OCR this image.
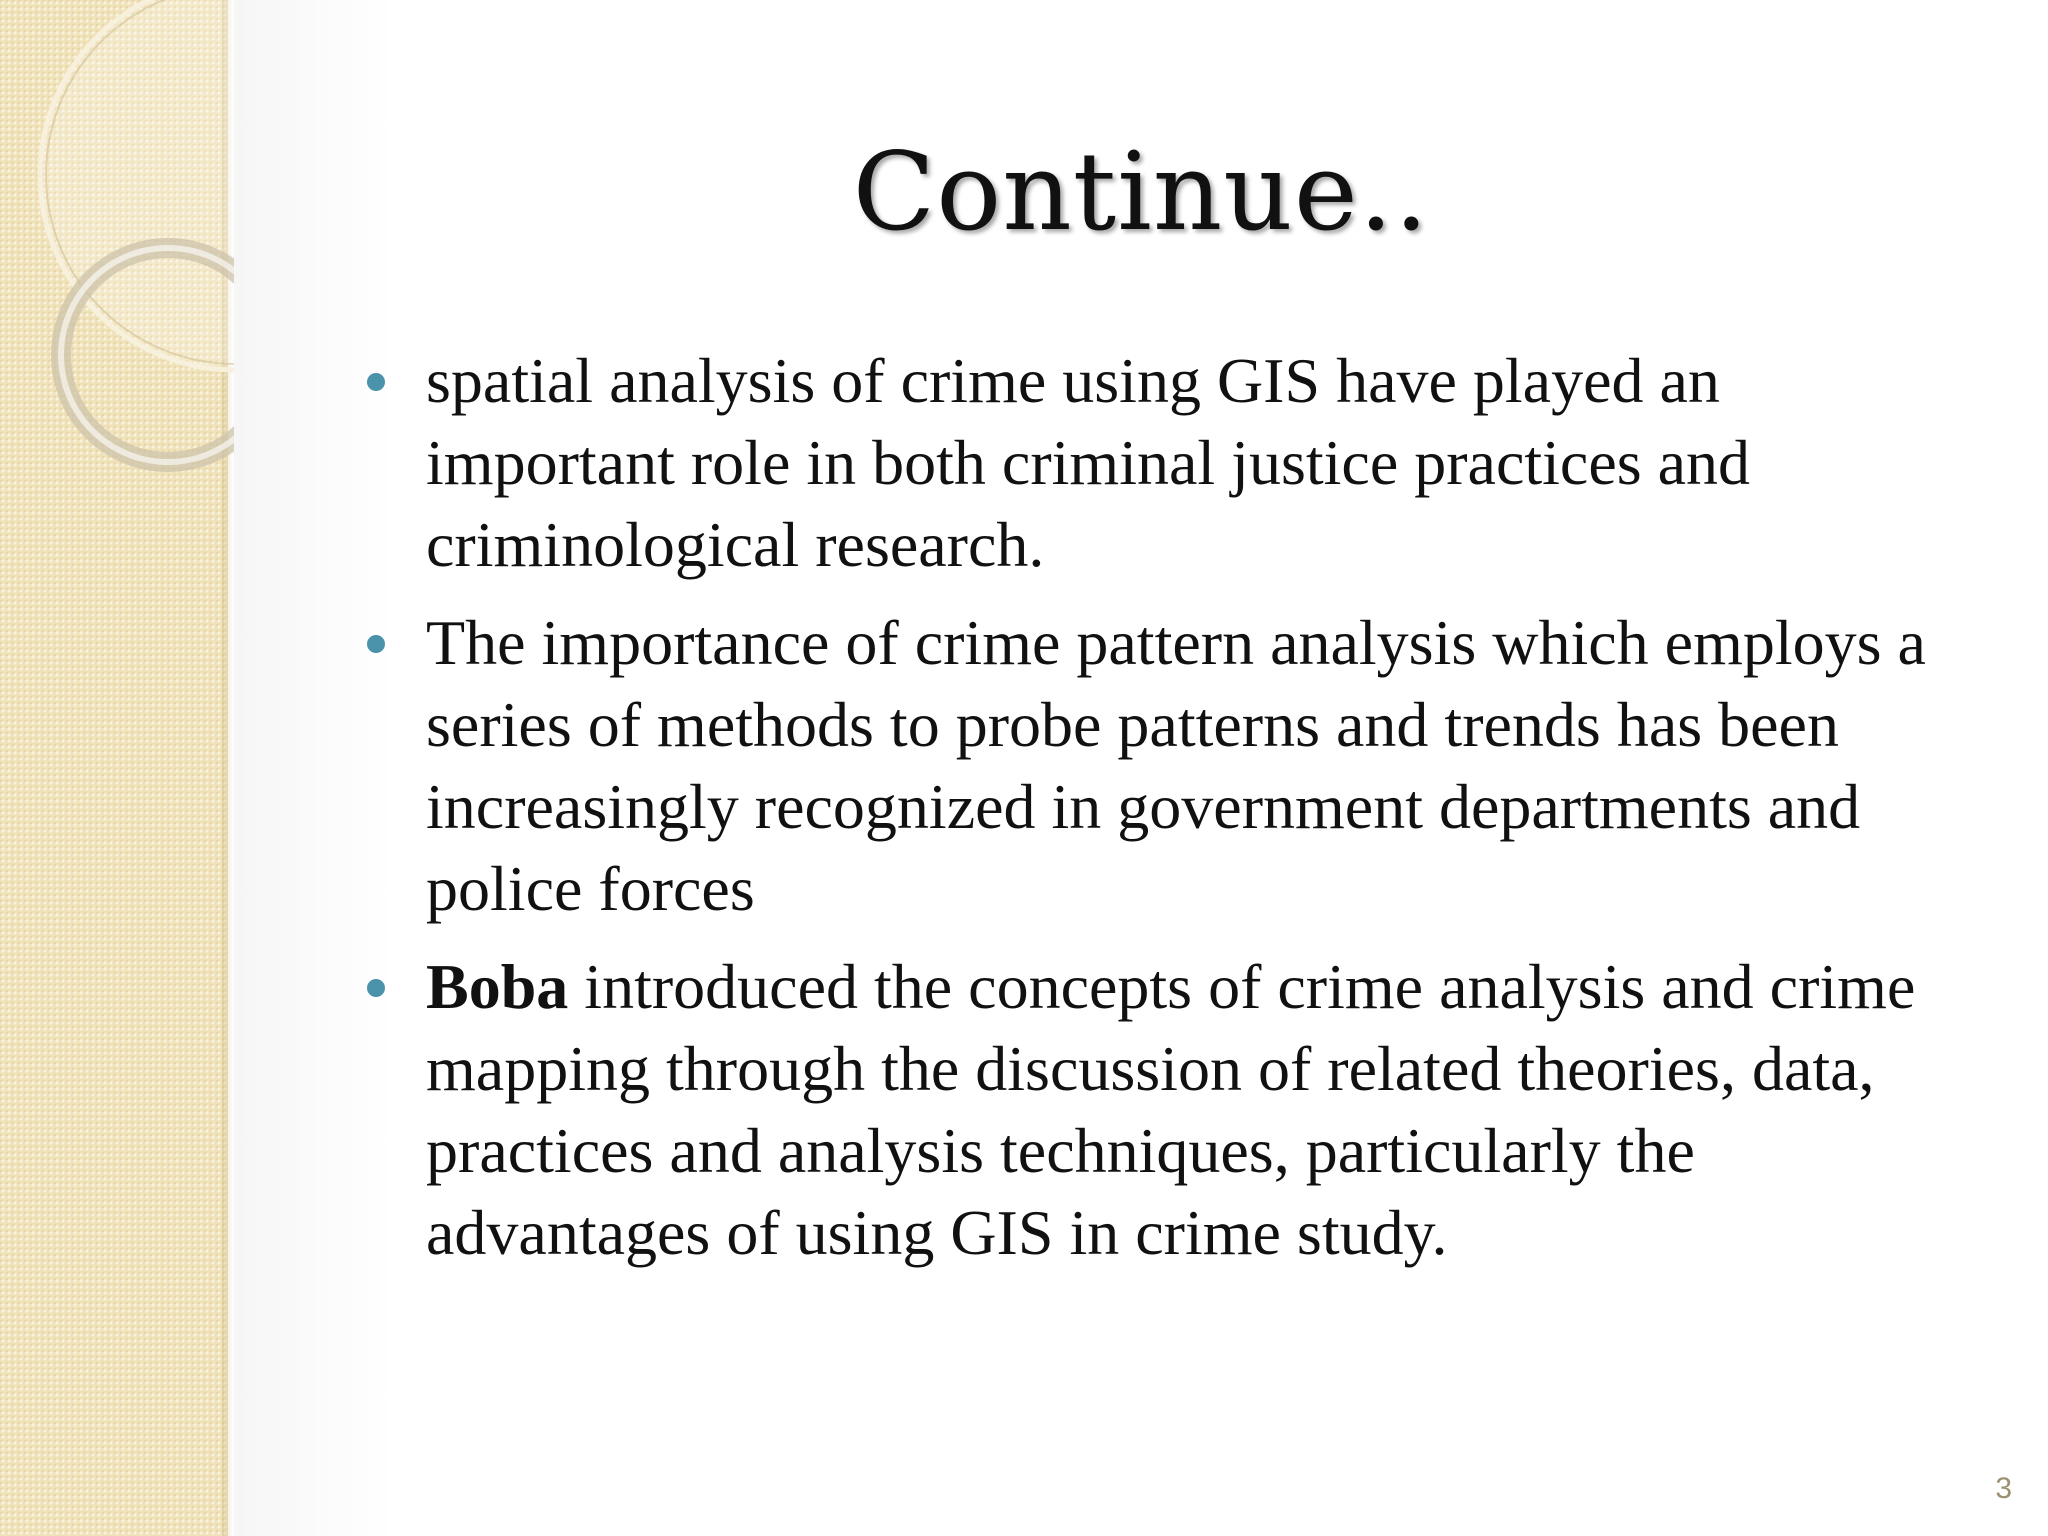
Continue..
spatial analysis of crime using GIS have played an important role in both criminal justice practices and criminological research.
The importance of crime pattern analysis which employs a series of methods to probe patterns and trends has been increasingly recognized in government departments and police forces
Boba introduced the concepts of crime analysis and crime mapping through the discussion of related theories, data, practices and analysis techniques, particularly the advantages of using GIS in crime study.
3
